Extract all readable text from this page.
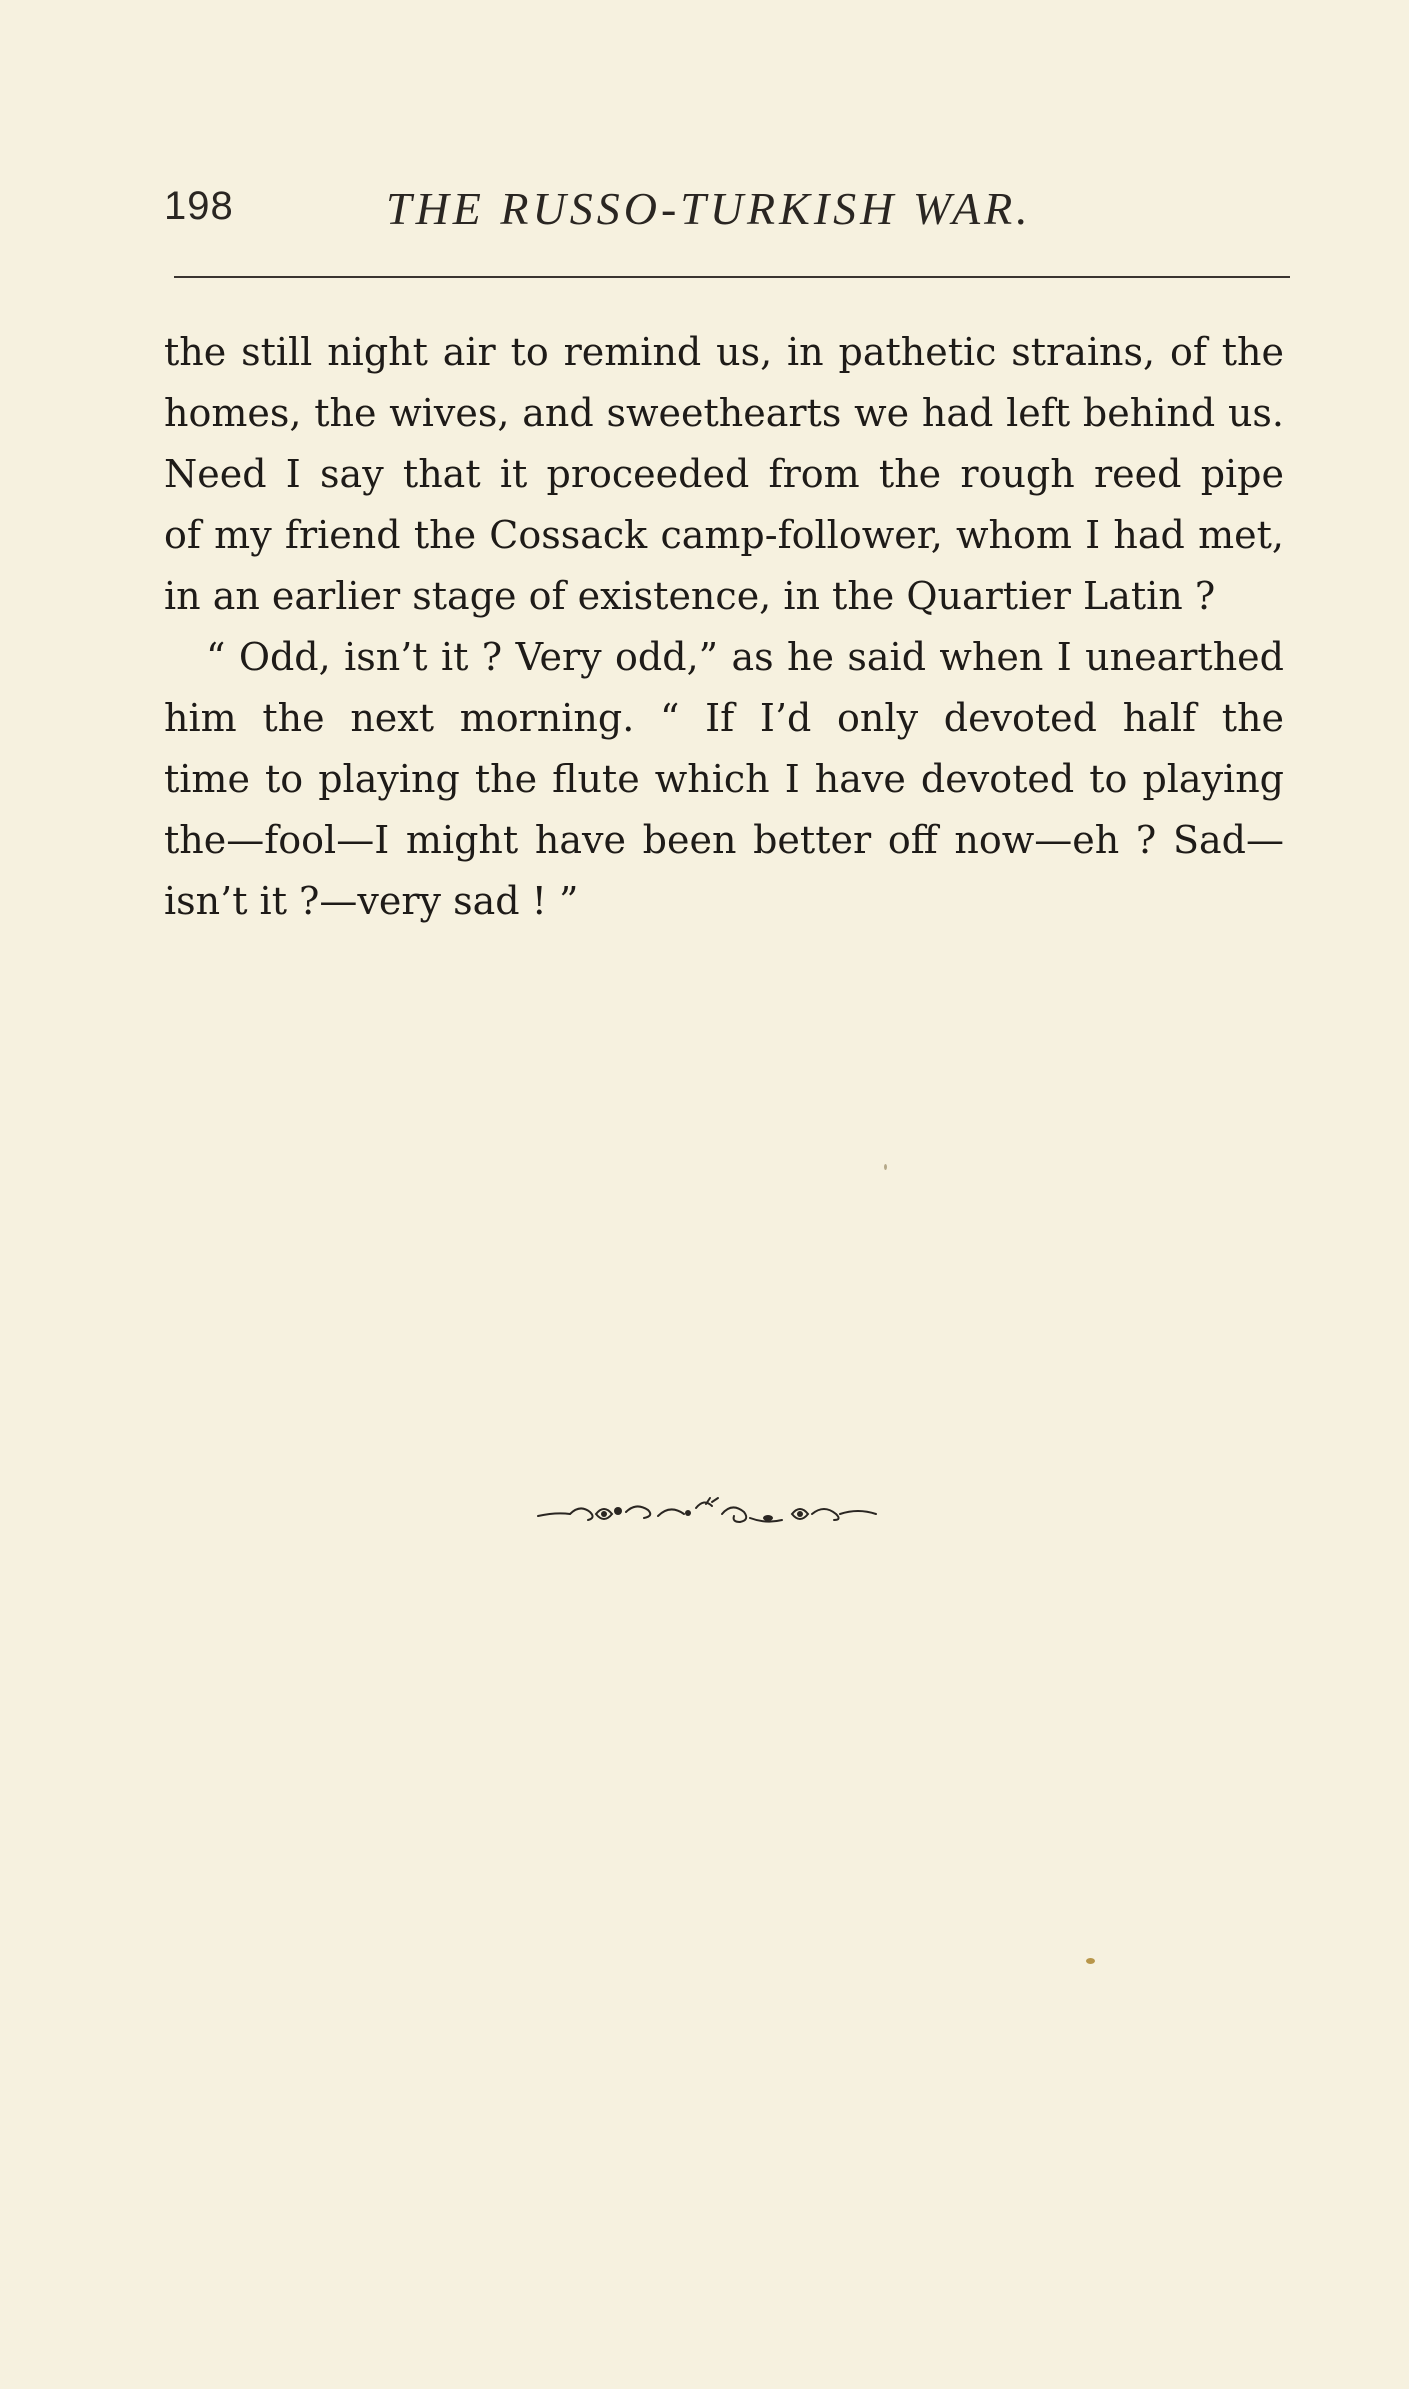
198	THE RUSSO-TURKISH WAR.

the still night air to remind us, in pathetic strains, of the
homes, the wives, and sweethearts we had left behind us.
Need I say that it proceeded from the rough reed pipe
of my friend the Cossack camp-follower, whom I had met,
in an earlier stage of existence, in the Quartier Latin ?

“ Odd, isn’t it ? Very odd,” as he said when I unearthed
him the next morning. “ If I’d only devoted half the
time to playing the flute which I have devoted to playing
the—fool—I might have been better off now—eh ? Sad—
isn’t it ?—very sad ! ”
